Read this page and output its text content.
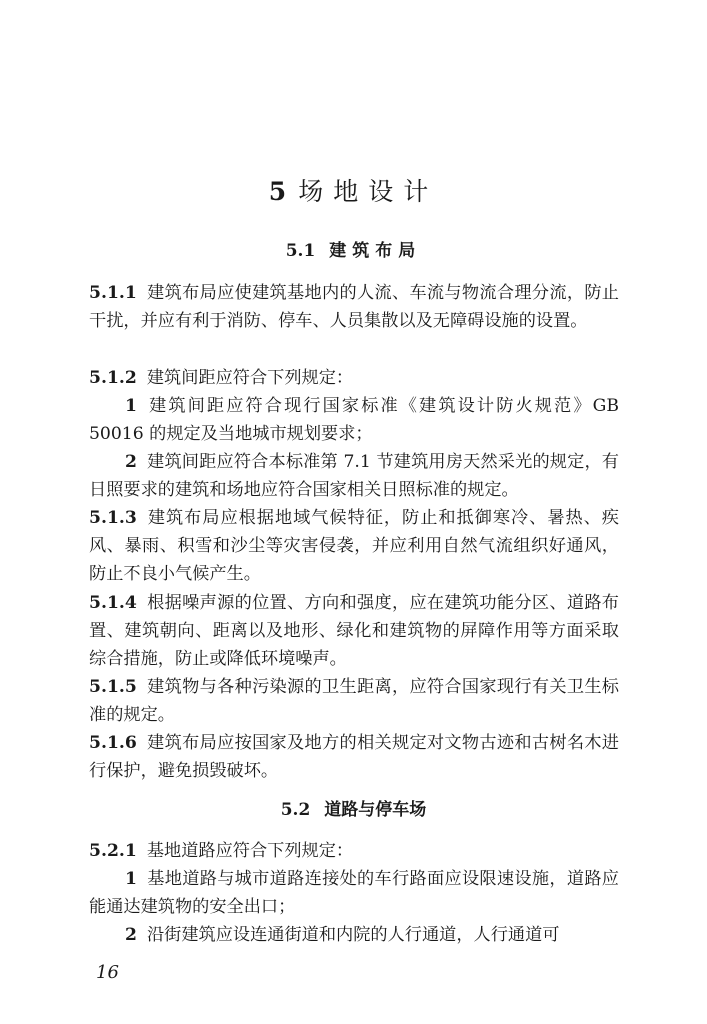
5 场地设计
5.1 建筑布局
5.1.1 建筑布局应使建筑基地内的人流、车流与物流合理分流，防止干扰，并应有利于消防、停车、人员集散以及无障碍设施的设置。
5.1.2 建筑间距应符合下列规定：
1 建筑间距应符合现行国家标准《建筑设计防火规范》GB 50016 的规定及当地城市规划要求；
2 建筑间距应符合本标准第 7.1 节建筑用房天然采光的规定，有日照要求的建筑和场地应符合国家相关日照标准的规定。
5.1.3 建筑布局应根据地域气候特征，防止和抵御寒冷、暑热、疾风、暴雨、积雪和沙尘等灾害侵袭，并应利用自然气流组织好通风，防止不良小气候产生。
5.1.4 根据噪声源的位置、方向和强度，应在建筑功能分区、道路布置、建筑朝向、距离以及地形、绿化和建筑物的屏障作用等方面采取综合措施，防止或降低环境噪声。
5.1.5 建筑物与各种污染源的卫生距离，应符合国家现行有关卫生标准的规定。
5.1.6 建筑布局应按国家及地方的相关规定对文物古迹和古树名木进行保护，避免损毁破坏。
5.2 道路与停车场
5.2.1 基地道路应符合下列规定：
1 基地道路与城市道路连接处的车行路面应设限速设施，道路应能通达建筑物的安全出口；
2 沿街建筑应设连通街道和内院的人行通道，人行通道可
16
